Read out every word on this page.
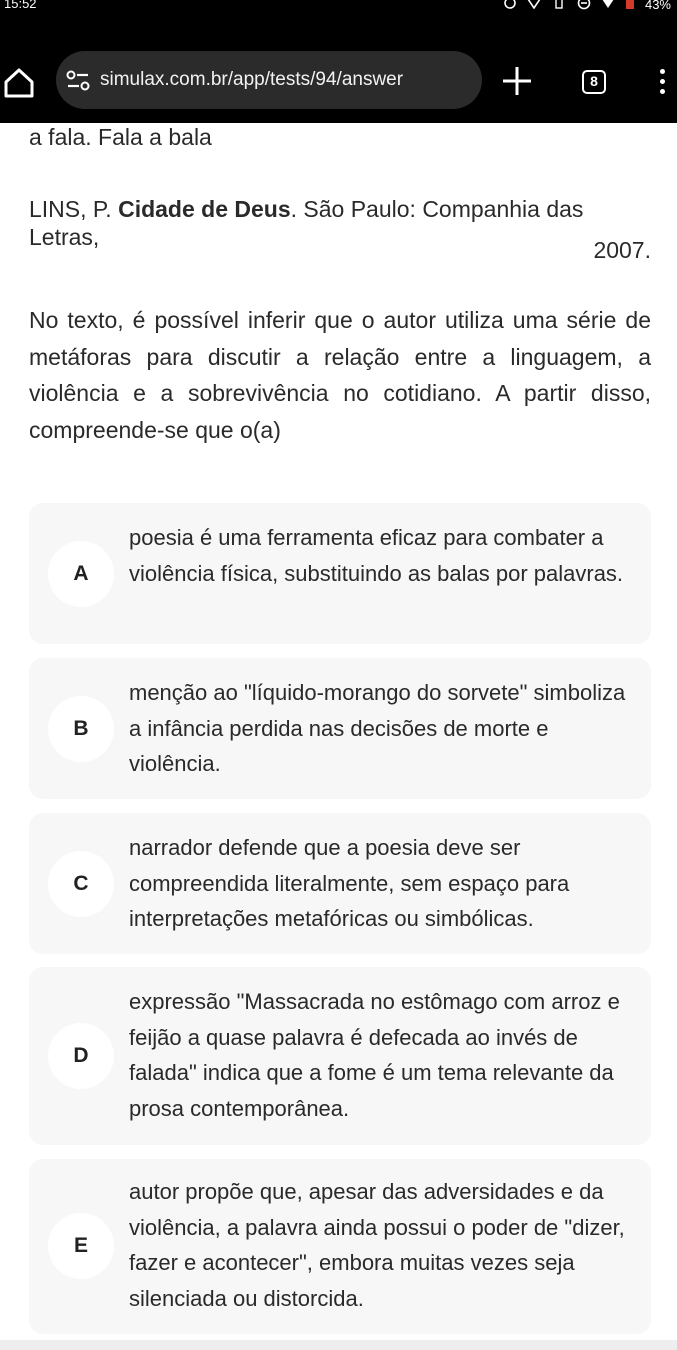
15:52	43%
simulax.com.br/app/tests/94/answer	8
a fala. Fala a bala
LINS, P. Cidade de Deus. São Paulo: Companhia das Letras,	2007.
No texto, é possível inferir que o autor utiliza uma série de metáforas para discutir a relação entre a linguagem, a violência e a sobrevivência no cotidiano. A partir disso, compreende-se que o(a)
A
poesia é uma ferramenta eficaz para combater a violência física, substituindo as balas por palavras.
B
menção ao "líquido-morango do sorvete" simboliza a infância perdida nas decisões de morte e violência.
C
narrador defende que a poesia deve ser compreendida literalmente, sem espaço para interpretações metafóricas ou simbólicas.
D
expressão "Massacrada no estômago com arroz e feijão a quase palavra é defecada ao invés de falada" indica que a fome é um tema relevante da prosa contemporânea.
E
autor propõe que, apesar das adversidades e da violência, a palavra ainda possui o poder de "dizer, fazer e acontecer", embora muitas vezes seja silenciada ou distorcida.
